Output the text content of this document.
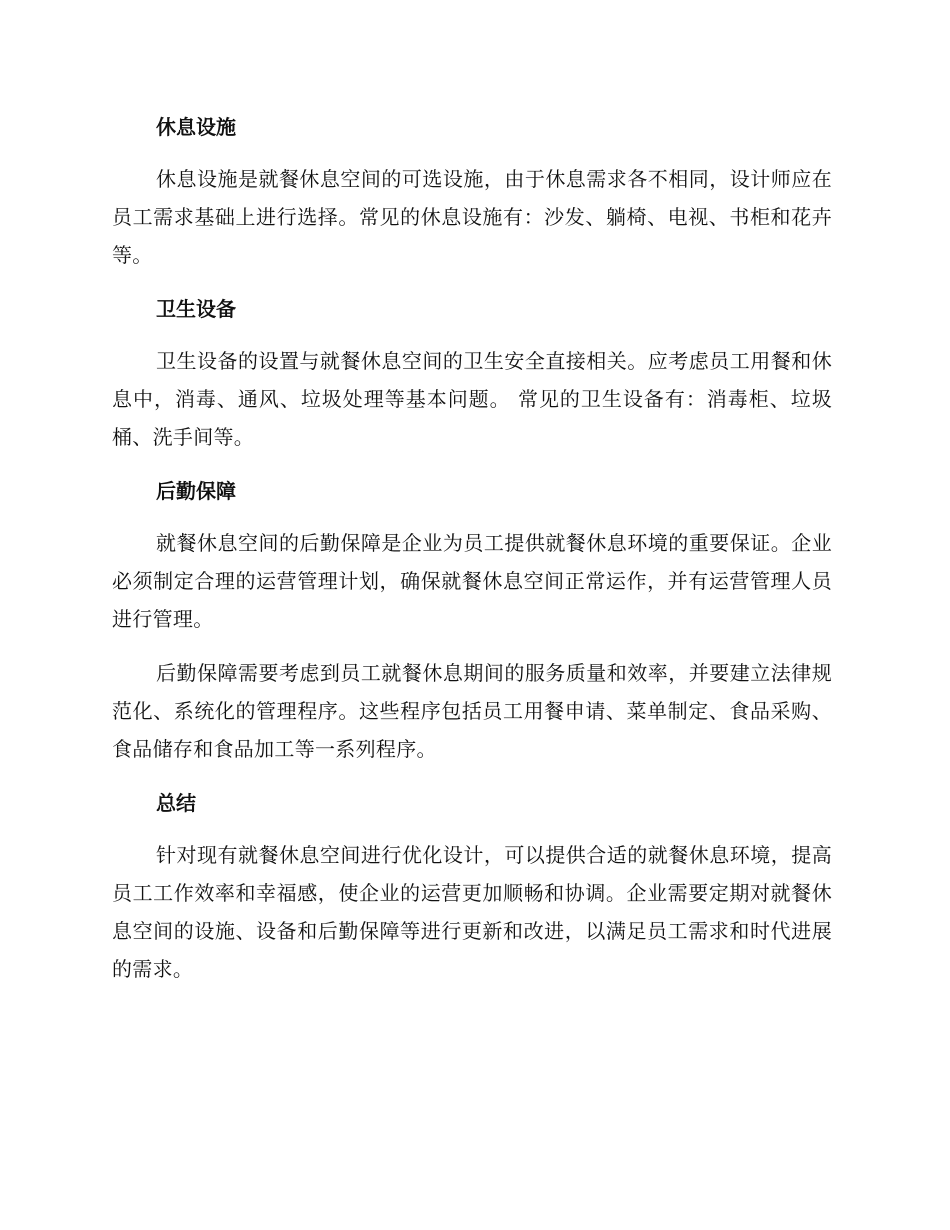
休息设施

休息设施是就餐休息空间的可选设施，由于休息需求各不相同，设计师应在员工需求基础上进行选择。常见的休息设施有：沙发、躺椅、电视、书柜和花卉等。

卫生设备

卫生设备的设置与就餐休息空间的卫生安全直接相关。应考虑员工用餐和休息中，消毒、通风、垃圾处理等基本问题。 常见的卫生设备有：消毒柜、垃圾桶、洗手间等。

后勤保障

就餐休息空间的后勤保障是企业为员工提供就餐休息环境的重要保证。企业必须制定合理的运营管理计划，确保就餐休息空间正常运作，并有运营管理人员进行管理。

后勤保障需要考虑到员工就餐休息期间的服务质量和效率，并要建立法律规范化、系统化的管理程序。这些程序包括员工用餐申请、菜单制定、食品采购、食品储存和食品加工等一系列程序。

总结

针对现有就餐休息空间进行优化设计，可以提供合适的就餐休息环境，提高员工工作效率和幸福感，使企业的运营更加顺畅和协调。企业需要定期对就餐休息空间的设施、设备和后勤保障等进行更新和改进，以满足员工需求和时代进展的需求。
